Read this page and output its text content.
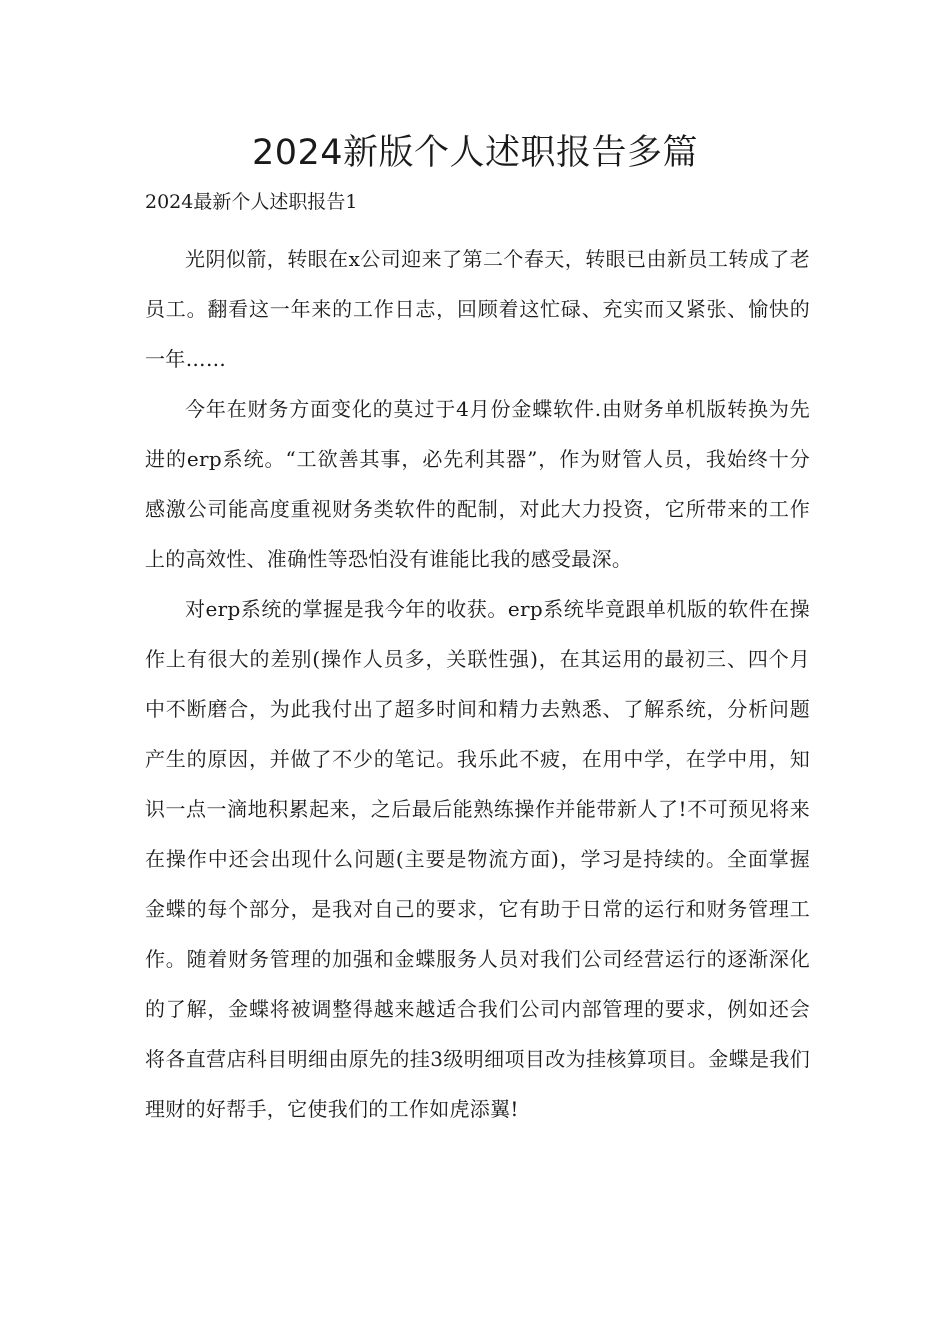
2024新版个人述职报告多篇
2024最新个人述职报告1

光阴似箭，转眼在x公司迎来了第二个春天，转眼已由新员工转成了老员工。翻看这一年来的工作日志，回顾着这忙碌、充实而又紧张、愉快的一年……

今年在财务方面变化的莫过于4月份金蝶软件.由财务单机版转换为先进的erp系统。“工欲善其事，必先利其器”，作为财管人员，我始终十分感激公司能高度重视财务类软件的配制，对此大力投资，它所带来的工作上的高效性、准确性等恐怕没有谁能比我的感受最深。

对erp系统的掌握是我今年的收获。erp系统毕竟跟单机版的软件在操作上有很大的差别(操作人员多，关联性强)，在其运用的最初三、四个月中不断磨合，为此我付出了超多时间和精力去熟悉、了解系统，分析问题产生的原因，并做了不少的笔记。我乐此不疲，在用中学，在学中用，知识一点一滴地积累起来，之后最后能熟练操作并能带新人了!不可预见将来在操作中还会出现什么问题(主要是物流方面)，学习是持续的。全面掌握金蝶的每个部分，是我对自己的要求，它有助于日常的运行和财务管理工作。随着财务管理的加强和金蝶服务人员对我们公司经营运行的逐渐深化的了解，金蝶将被调整得越来越适合我们公司内部管理的要求，例如还会将各直营店科目明细由原先的挂3级明细项目改为挂核算项目。金蝶是我们理财的好帮手，它使我们的工作如虎添翼!
